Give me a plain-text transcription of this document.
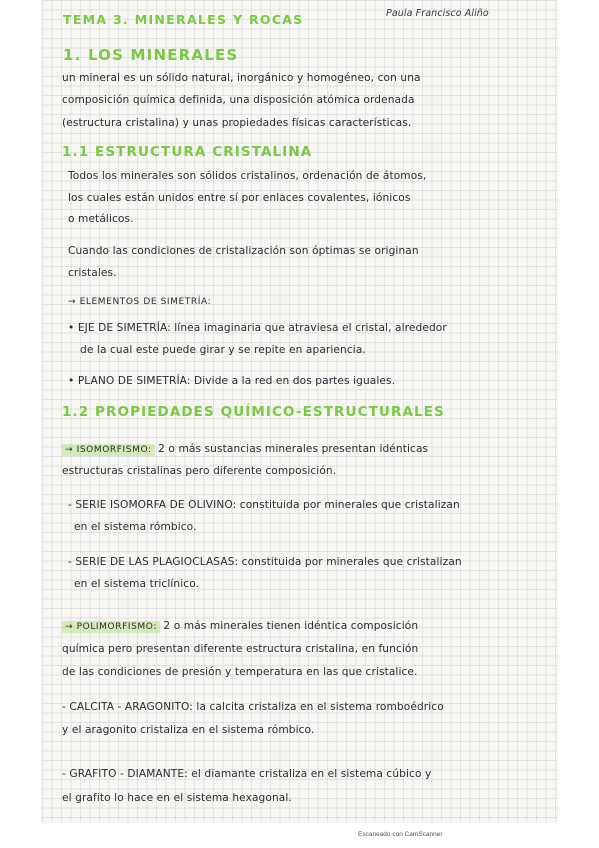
TEMA 3. MINERALES Y ROCAS	Paula Francisco Aliño
1. LOS MINERALES
un mineral es un sólido natural, inorgánico y homogéneo, con una
composición química definida, una disposición atómica ordenada
(estructura cristalina) y unas propiedades físicas características.
1.1 ESTRUCTURA CRISTALINA
Todos los minerales son sólidos cristalinos, ordenación de átomos,
los cuales están unidos entre sí por enlaces covalentes, iónicos
o metálicos.
Cuando las condiciones de cristalización son óptimas se originan
cristales.
→ ELEMENTOS DE SIMETRÍA:
• EJE DE SIMETRÍA: línea imaginaria que atraviesa el cristal, alrededor
de la cual este puede girar y se repite en apariencia.
• PLANO DE SIMETRÍA: Divide a la red en dos partes iguales.
1.2 PROPIEDADES QUÍMICO-ESTRUCTURALES
→ ISOMORFISMO: 2 o más sustancias minerales presentan idénticas
estructuras cristalinas pero diferente composición.
- SERIE ISOMORFA DE OLIVINO: constituida por minerales que cristalizan
en el sistema rómbico.
- SERIE DE LAS PLAGIOCLASAS: constituida por minerales que cristalizan
en el sistema triclínico.
→ POLIMORFISMO: 2 o más minerales tienen idéntica composición
química pero presentan diferente estructura cristalina, en función
de las condiciones de presión y temperatura en las que cristalice.
- CALCITA - ARAGONITO: la calcita cristaliza en el sistema romboédrico
y el aragonito cristaliza en el sistema rómbico.
- GRAFITO - DIAMANTE: el diamante cristaliza en el sistema cúbico y
el grafito lo hace en el sistema hexagonal.
Escaneado con CamScanner
